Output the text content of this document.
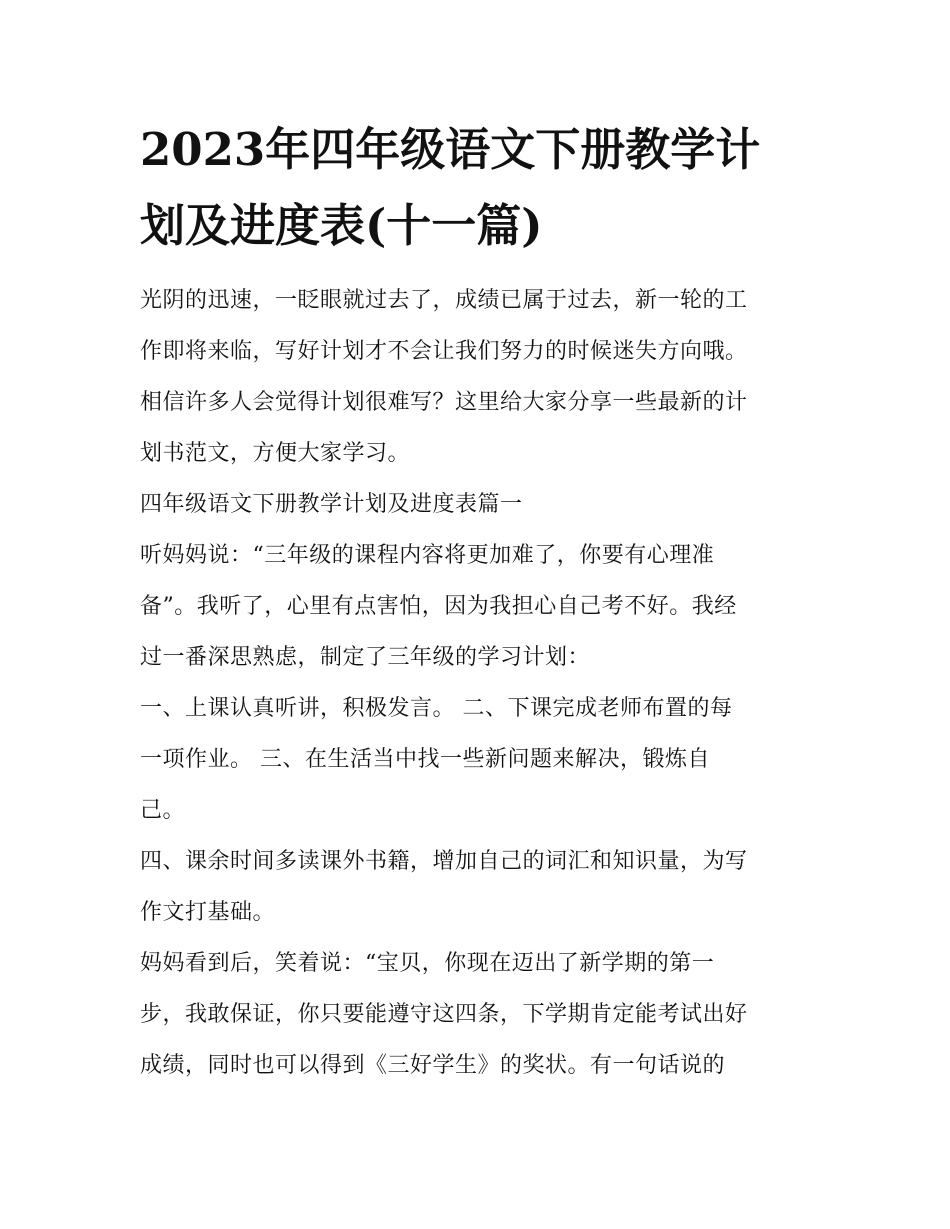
2023年四年级语文下册教学计
划及进度表(十一篇)

光阴的迅速，一眨眼就过去了，成绩已属于过去，新一轮的工

作即将来临，写好计划才不会让我们努力的时候迷失方向哦。

相信许多人会觉得计划很难写？这里给大家分享一些最新的计

划书范文，方便大家学习。

四年级语文下册教学计划及进度表篇一

听妈妈说：“三年级的课程内容将更加难了，你要有心理准

备”。我听了，心里有点害怕，因为我担心自己考不好。我经

过一番深思熟虑，制定了三年级的学习计划：

一、上课认真听讲，积极发言。 二、下课完成老师布置的每

一项作业。 三、在生活当中找一些新问题来解决，锻炼自

己。

四、课余时间多读课外书籍，增加自己的词汇和知识量，为写

作文打基础。

妈妈看到后，笑着说：“宝贝，你现在迈出了新学期的第一

步，我敢保证，你只要能遵守这四条，下学期肯定能考试出好

成绩，同时也可以得到《三好学生》的奖状。有一句话说的
